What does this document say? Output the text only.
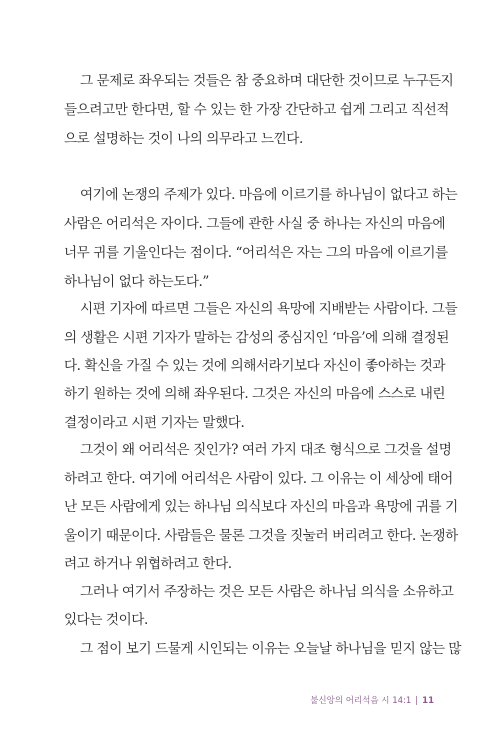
그 문제로 좌우되는 것들은 참 중요하며 대단한 것이므로 누구든지
들으려고만 한다면, 할 수 있는 한 가장 간단하고 쉽게 그리고 직선적
으로 설명하는 것이 나의 의무라고 느낀다.
여기에 논쟁의 주제가 있다. 마음에 이르기를 하나님이 없다고 하는
사람은 어리석은 자이다. 그들에 관한 사실 중 하나는 자신의 마음에
너무 귀를 기울인다는 점이다. “어리석은 자는 그의 마음에 이르기를
하나님이 없다 하는도다.”
시편 기자에 따르면 그들은 자신의 욕망에 지배받는 사람이다. 그들
의 생활은 시편 기자가 말하는 감성의 중심지인 ‘마음’에 의해 결정된
다. 확신을 가질 수 있는 것에 의해서라기보다 자신이 좋아하는 것과
하기 원하는 것에 의해 좌우된다. 그것은 자신의 마음에 스스로 내린
결정이라고 시편 기자는 말했다.
그것이 왜 어리석은 짓인가? 여러 가지 대조 형식으로 그것을 설명
하려고 한다. 여기에 어리석은 사람이 있다. 그 이유는 이 세상에 태어
난 모든 사람에게 있는 하나님 의식보다 자신의 마음과 욕망에 귀를 기
울이기 때문이다. 사람들은 물론 그것을 짓눌러 버리려고 한다. 논쟁하
려고 하거나 위협하려고 한다.
그러나 여기서 주장하는 것은 모든 사람은 하나님 의식을 소유하고
있다는 것이다.
그 점이 보기 드물게 시인되는 이유는 오늘날 하나님을 믿지 않는 많
불신앙의 어리석음 시 14:1 | 11
